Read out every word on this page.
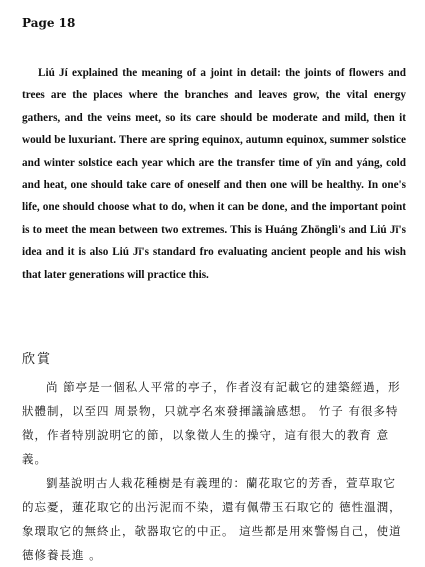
Page 18

Liú Jí explained the meaning of a joint in detail: the joints of flowers and trees are the places where the branches and leaves grow, the vital energy gathers, and the veins meet, so its care should be moderate and mild, then it would be luxuriant. There are spring equinox, autumn equinox, summer solstice and winter solstice each year which are the transfer time of yīn and yáng, cold and heat, one should take care of oneself and then one will be healthy. In one's life, one should choose what to do, when it can be done, and the important point is to meet the mean between two extremes. This is Huáng Zhōnglì's and Liú Jī's idea and it is also Liú Jī's standard fro evaluating ancient people and his wish that later generations will practice this.

欣賞

尚 節亭是一個私人平常的亭子，作者沒有記載它的建築經過，形狀體制，以至四 周景物，只就亭名來發揮議論感想。 竹子 有很多特徵，作者特別說明它的節，以象徵人生的操守，這有很大的教育 意義。

劉基說明古人栽花種樹是有義理的：蘭花取它的芳香，萱草取它的忘憂，蓮花取它的出污泥而不染，還有佩帶玉石取它的 德性溫潤，象環取它的無終止，欹器取它的中正。 這些都是用來警惕自己，使道德修養長進 。
